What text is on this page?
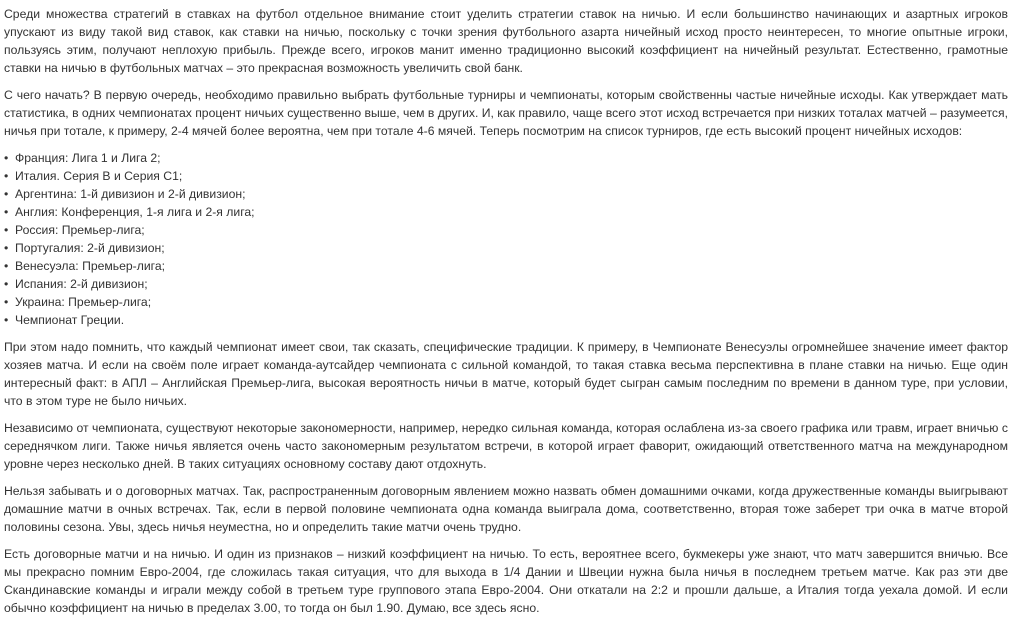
Среди множества стратегий в ставках на футбол отдельное внимание стоит уделить стратегии ставок на ничью. И если большинство начинающих и азартных игроков упускают из виду такой вид ставок, как ставки на ничью, поскольку с точки зрения футбольного азарта ничейный исход просто неинтересен, то многие опытные игроки, пользуясь этим, получают неплохую прибыль. Прежде всего, игроков манит именно традиционно высокий коэффициент на ничейный результат. Естественно, грамотные ставки на ничью в футбольных матчах – это прекрасная возможность увеличить свой банк.

С чего начать? В первую очередь, необходимо правильно выбрать футбольные турниры и чемпионаты, которым свойственны частые ничейные исходы. Как утверждает мать статистика, в одних чемпионатах процент ничьих существенно выше, чем в других. И, как правило, чаще всего этот исход встречается при низких тоталах матчей – разумеется, ничья при тотале, к примеру, 2-4 мячей более вероятна, чем при тотале 4-6 мячей. Теперь посмотрим на список турниров, где есть высокий процент ничейных исходов:

• Франция: Лига 1 и Лига 2;
• Италия. Серия В и Серия С1;
• Аргентина: 1-й дивизион и 2-й дивизион;
• Англия: Конференция, 1-я лига и 2-я лига;
• Россия: Премьер-лига;
• Португалия: 2-й дивизион;
• Венесуэла: Премьер-лига;
• Испания: 2-й дивизион;
• Украина: Премьер-лига;
• Чемпионат Греции.

При этом надо помнить, что каждый чемпионат имеет свои, так сказать, специфические традиции. К примеру, в Чемпионате Венесуэлы огромнейшее значение имеет фактор хозяев матча. И если на своём поле играет команда-аутсайдер чемпионата с сильной командой, то такая ставка весьма перспективна в плане ставки на ничью. Еще один интересный факт: в АПЛ – Английская Премьер-лига, высокая вероятность ничьи в матче, который будет сыгран самым последним по времени в данном туре, при условии, что в этом туре не было ничьих.

Независимо от чемпионата, существуют некоторые закономерности, например, нередко сильная команда, которая ослаблена из-за своего графика или травм, играет вничью с середнячком лиги. Также ничья является очень часто закономерным результатом встречи, в которой играет фаворит, ожидающий ответственного матча на международном уровне через несколько дней. В таких ситуациях основному составу дают отдохнуть.

Нельзя забывать и о договорных матчах. Так, распространенным договорным явлением можно назвать обмен домашними очками, когда дружественные команды выигрывают домашние матчи в очных встречах. Так, если в первой половине чемпионата одна команда выиграла дома, соответственно, вторая тоже заберет три очка в матче второй половины сезона. Увы, здесь ничья неуместна, но и определить такие матчи очень трудно.

Есть договорные матчи и на ничью. И один из признаков – низкий коэффициент на ничью. То есть, вероятнее всего, букмекеры уже знают, что матч завершится вничью. Все мы прекрасно помним Евро-2004, где сложилась такая ситуация, что для выхода в 1/4 Дании и Швеции нужна была ничья в последнем третьем матче. Как раз эти две Скандинавские команды и играли между собой в третьем туре группового этапа Евро-2004. Они откатали на 2:2 и прошли дальше, а Италия тогда уехала домой. И если обычно коэффициент на ничью в пределах 3.00, то тогда он был 1.90. Думаю, все здесь ясно.
